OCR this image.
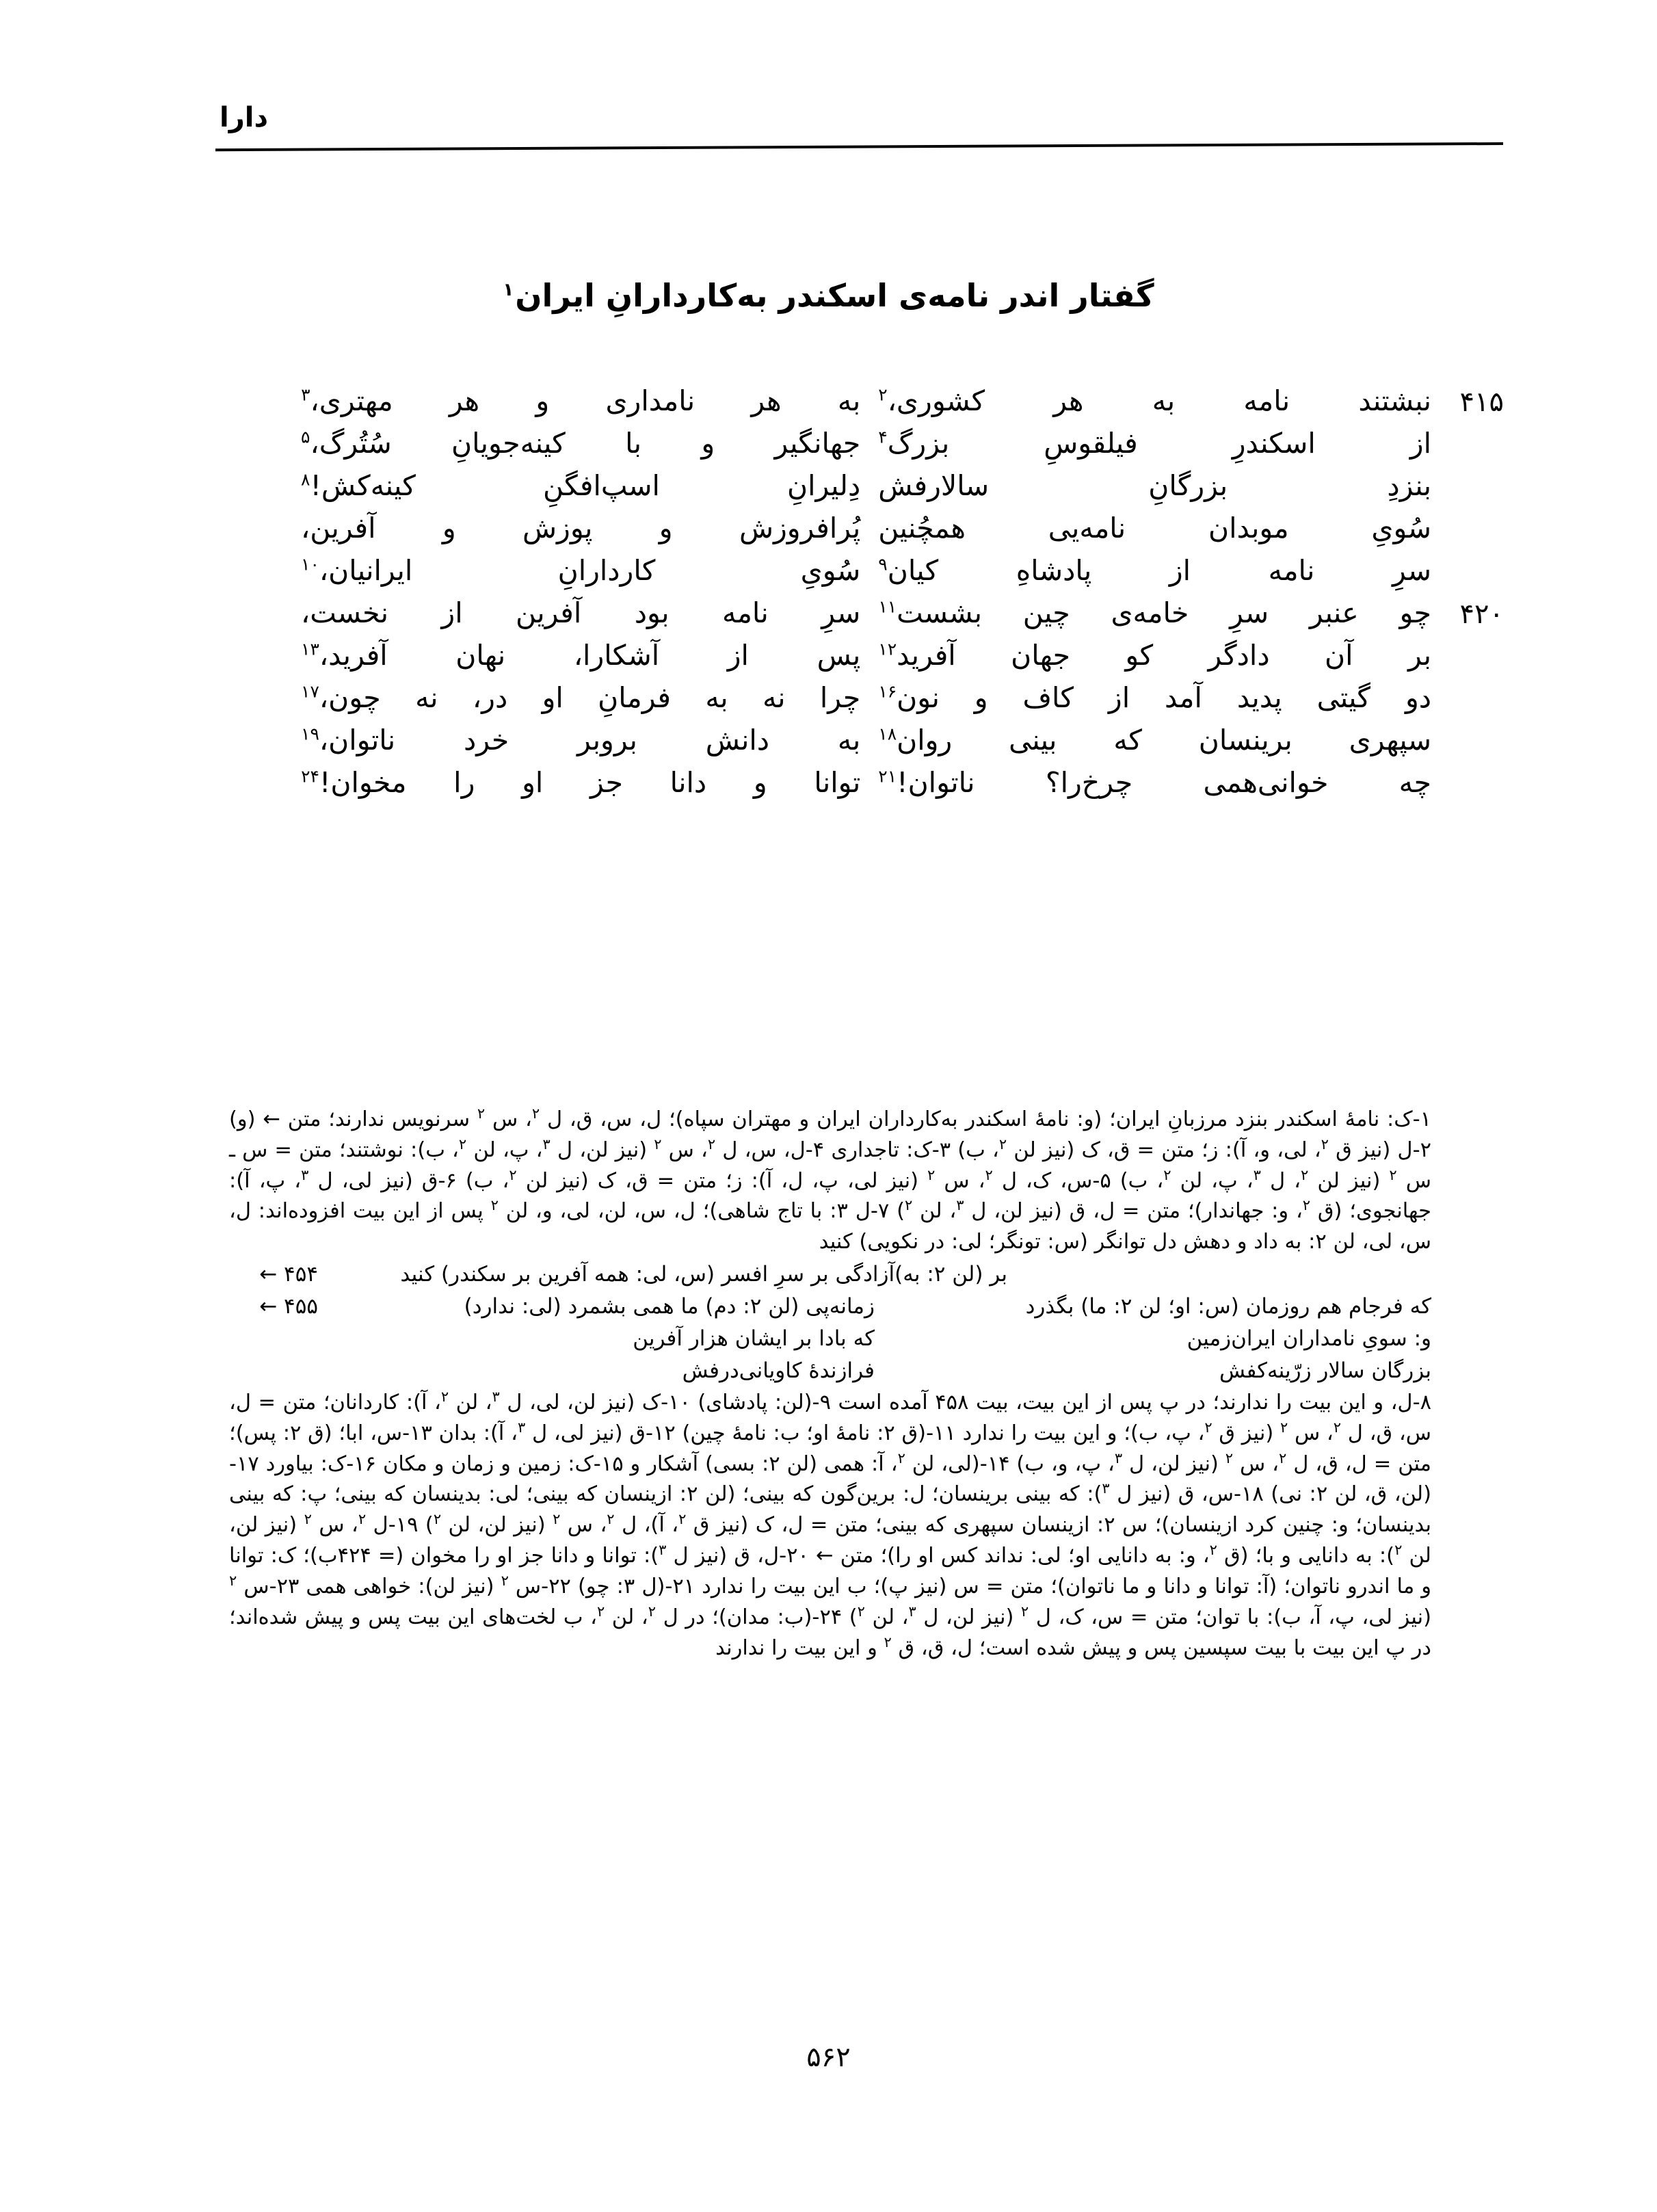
دارا
گفتار اندر نامه‌ی اسکندر به‌کاردارانِ ایران$^۱$
۴۱۵
نبشتند
نامه
به
هر
کشوری،$^۲$
به
هر
نامداری
و
هر
مهتری،$^۳$
از
اسکندرِ
فیلقوسِ
بزرگ$^۴$
جهانگیر
و
با
کینه‌جویانِ
سُتُرگ،$^۵$
بنزدِ
بزرگانِ
سالارفش
دِلیرانِ
اسپ‌افگنِ
کینه‌کش!$^۸$
سُویِ
موبدان
نامه‌یی
همچُنین
پُرافروزش
و
پوزش
و
آفرین،
سرِ
نامه
از
پادشاهِ
کیان$^۹$
سُویِ
کاردارانِ
ایرانیان،$^{۱۰}$
۴۲۰
چو
عنبر
سرِ
خامه‌ی
چین
بشست$^{۱۱}$
سرِ
نامه
بود
آفرین
از
نخست،
بر
آن
دادگر
کو
جهان
آفرید$^{۱۲}$
پس
از
آشکارا،
نهان
آفرید،$^{۱۳}$
دو
گیتی
پدید
آمد
از
کاف
و
نون$^{۱۶}$
چرا
نه
به
فرمانِ
او
در،
نه
چون،$^{۱۷}$
سپهری
برینسان
که
بینی
روان$^{۱۸}$
به
دانش
بروبر
خرد
ناتوان،$^{۱۹}$
چه
خوانی‌همی
چرخ‌را؟
ناتوان!$^{۲۱}$
توانا
و
دانا
جز
او
را
مخوان!$^{۲۴}$

۱-ک: نامهٔ اسکندر بنزد مرزبانِ ایران؛ (و: نامهٔ اسکندر به‌کارداران ایران و مهتران سپاه)؛ ل، س، ق، ل $^۲$، س $^۲$ سرنویس ندارند؛ متن ← (و) ۲-ل (نیز ق $^۲$، لی، و، آ): ز؛ متن = ق، ک (نیز لن $^۲$، ب) ۳-ک: تاجداری ۴-ل، س، ل $^۲$، س $^۲$ (نیز لن، ل $^۳$، پ، لن $^۲$، ب): نوشتند؛ متن = س ـ س $^۲$ (نیز لن $^۲$، ل $^۳$، پ، لن $^۲$، ب) ۵-س، ک، ل $^۲$، س $^۲$ (نیز لی، پ، ل، آ): ز؛ متن = ق، ک (نیز لن $^۲$، ب) ۶-ق (نیز لی، ل $^۳$، پ، آ): جهانجوی؛ (ق $^۲$، و: جهاندار)؛ متن = ل، ق (نیز لن، ل $^۳$، لن $^۲$) ۷-ل ۳: با تاج شاهی)؛ ل، س، لن، لی، و، لن $^۲$ پس از این بیت افزوده‌اند: ل، س، لی، لن ۲: به داد و دهش دل توانگر (س: تونگر؛ لی: در نکویی) کنید

بر (لن ۲: به)آزادگی بر سرِ افسر (س، لی: همه آفرین بر سکندر) کنید
۴۵۴ ←
که فرجام هم روزمان (س: او؛ لن ۲: ما) بگذرد
زمانه‌پی (لن ۲: دم) ما همی بشمرد (لی: ندارد)
۴۵۵ ←
و: سویِ نامداران ایران‌زمین
که بادا بر ایشان هزار آفرین
بزرگان سالار زرّینه‌کفش
فرازندهٔ کاویانی‌درفش

۸-ل، و این بیت را ندارند؛ در پ پس از این بیت، بیت ۴۵۸ آمده است ۹-(لن: پادشای) ۱۰-ک (نیز لن، لی، ل $^۳$، لن $^۲$، آ): کاردانان؛ متن = ل، س، ق، ل $^۲$، س $^۲$ (نیز ق $^۲$، پ، ب)؛ و این بیت را ندارد ۱۱-(ق ۲: نامهٔ او؛ ب: نامهٔ چین) ۱۲-ق (نیز لی، ل $^۳$، آ): بدان ۱۳-س، ابا؛ (ق ۲: پس)؛ متن = ل، ق، ل $^۲$، س $^۲$ (نیز لن، ل $^۳$، پ، و، ب) ۱۴-(لی، لن $^۲$، آ: همی (لن ۲: بسی) آشکار و ۱۵-ک: زمین و زمان و مکان ۱۶-ک: بیاورد ۱۷-(لن، ق، لن ۲: نی) ۱۸-س، ق (نیز ل $^۳$): که بینی برینسان؛ ل: برین‌گون که بینی؛ (لن ۲: ازینسان که بینی؛ لی: بدینسان که بینی؛ پ: که بینی بدینسان؛ و: چنین کرد ازینسان)؛ س ۲: ازینسان سپهری که بینی؛ متن = ل، ک (نیز ق $^۲$، آ)، ل $^۲$، س $^۲$ (نیز لن، لن $^۲$) ۱۹-ل $^۲$، س $^۲$ (نیز لن، لن $^۲$): به دانایی و با؛ (ق $^۲$، و: به دانایی او؛ لی: نداند کس او را)؛ متن ← ۲۰-ل، ق (نیز ل $^۳$): توانا و دانا جز او را مخوان (= ۴۲۴ب)؛ ک: توانا و ما اندرو ناتوان؛ (آ: توانا و دانا و ما ناتوان)؛ متن = س (نیز پ)؛ ب این بیت را ندارد ۲۱-(ل ۳: چو) ۲۲-س $^۲$ (نیز لن): خواهی همی ۲۳-س $^۲$ (نیز لی، پ، آ، ب): با توان؛ متن = س، ک، ل $^۲$ (نیز لن، ل $^۳$، لن $^۲$) ۲۴-(ب: مدان)؛ در ل $^۲$، لن $^۲$، ب لخت‌های این بیت پس و پیش شده‌اند؛ در پ این بیت با بیت سپسین پس و پیش شده است؛ ل، ق، ق $^۲$ و این بیت را ندارند

۵۶۲
